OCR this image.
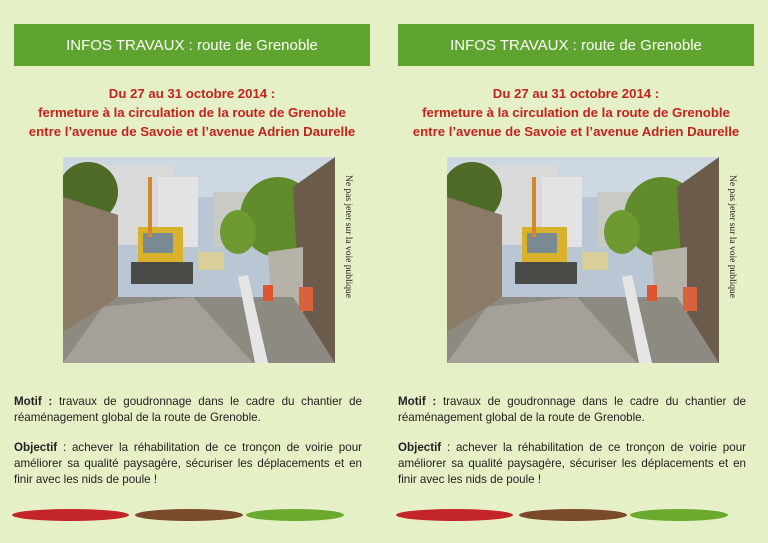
INFOS TRAVAUX : route de Grenoble
Du 27 au 31 octobre 2014 :
fermeture à la circulation de la route de Grenoble
entre l’avenue de Savoie et l’avenue Adrien Daurelle
Ne pas jeter sur la voie publique
Motif : travaux de goudronnage dans le cadre du chantier de réaménagement global de la route de Grenoble.
Objectif : achever la réhabilitation de ce tronçon de voirie pour améliorer sa qualité paysagère, sécuriser les déplacements et en finir avec les nids de poule !
INFOS TRAVAUX : route de Grenoble
Du 27 au 31 octobre 2014 :
fermeture à la circulation de la route de Grenoble
entre l’avenue de Savoie et l’avenue Adrien Daurelle
Ne pas jeter sur la voie publique
Motif : travaux de goudronnage dans le cadre du chantier de réaménagement global de la route de Grenoble.
Objectif : achever la réhabilitation de ce tronçon de voirie pour améliorer sa qualité paysagère, sécuriser les déplacements et en finir avec les nids de poule !
